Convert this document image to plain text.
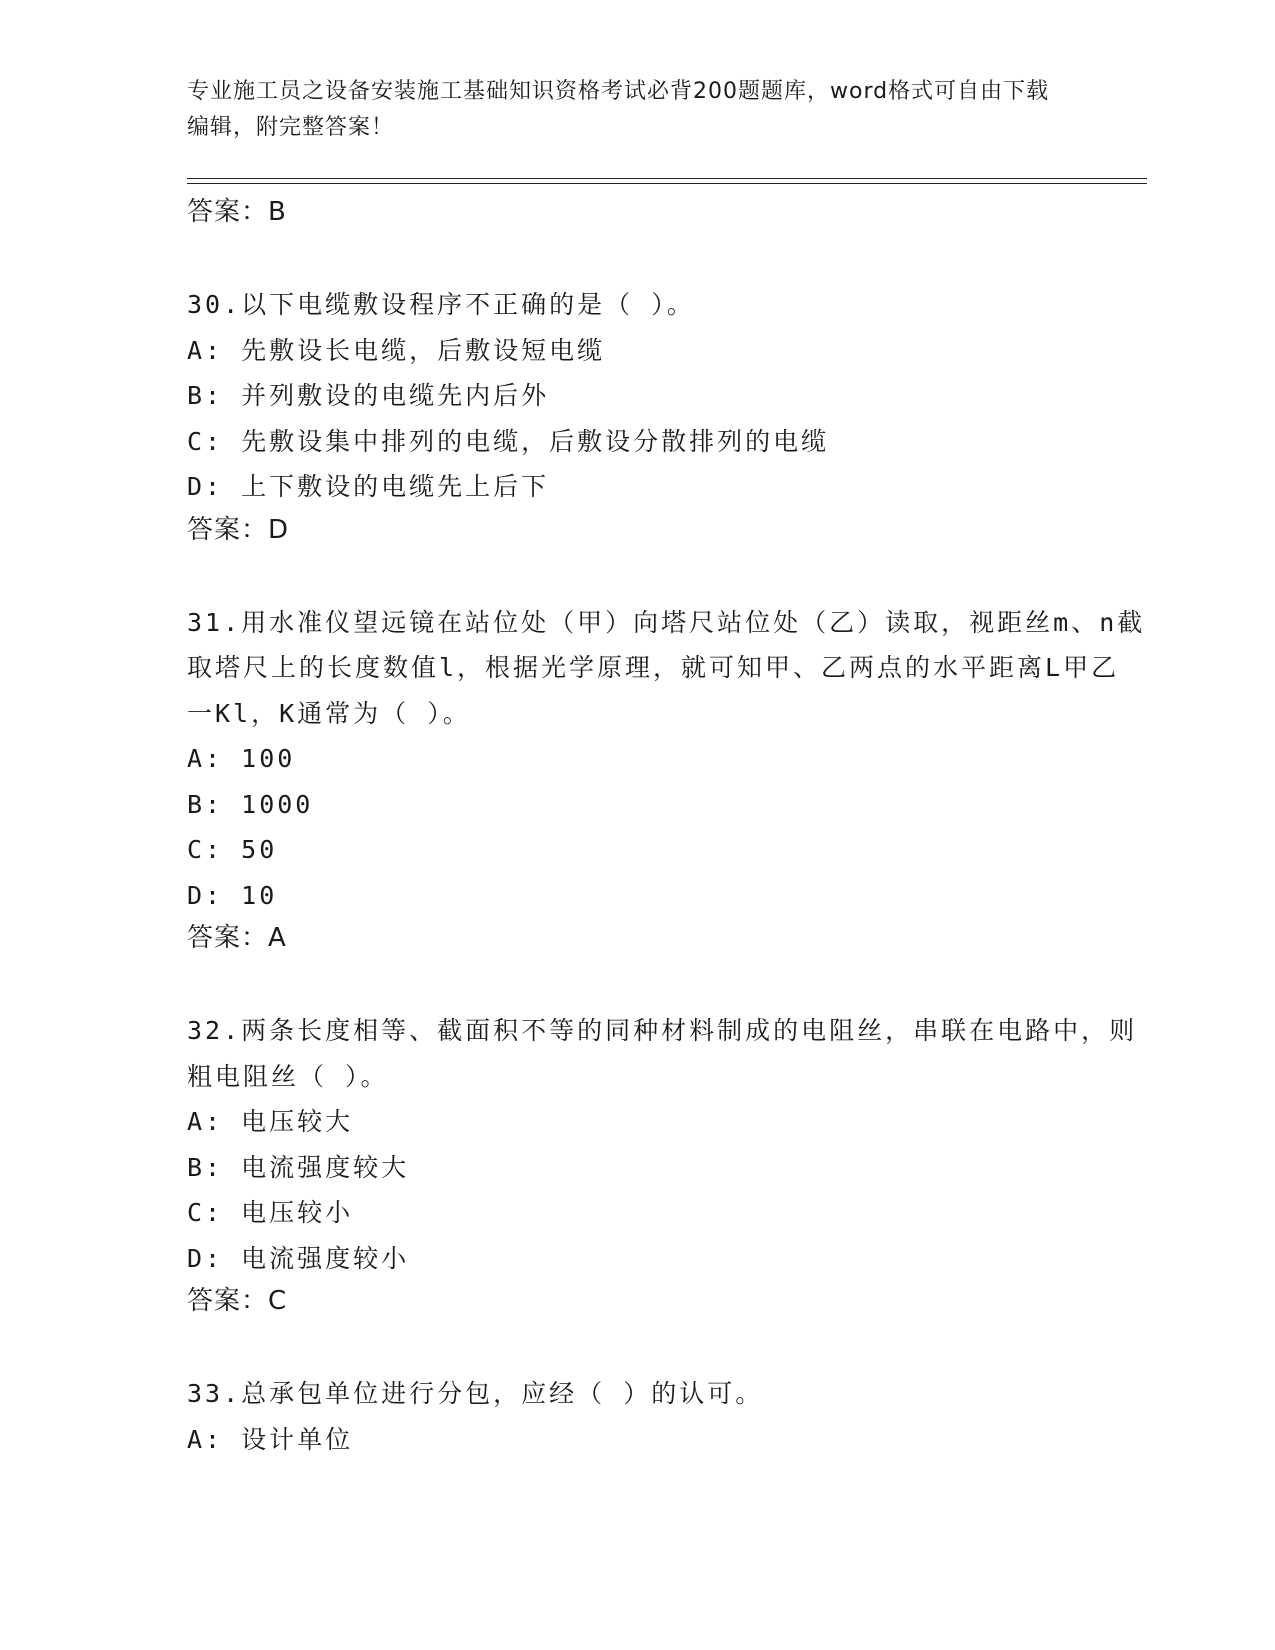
专业施工员之设备安装施工基础知识资格考试必背200题题库，word格式可自由下载编辑，附完整答案！
答案：B
30.以下电缆敷设程序不正确的是（ ）。
A: 先敷设长电缆，后敷设短电缆
B: 并列敷设的电缆先内后外
C: 先敷设集中排列的电缆，后敷设分散排列的电缆
D: 上下敷设的电缆先上后下
答案：D
31.用水准仪望远镜在站位处（甲）向塔尺站位处（乙）读取，视距丝m、n截取塔尺上的长度数值l，根据光学原理，就可知甲、乙两点的水平距离L甲乙一Kl，K通常为（ ）。
A: 100
B: 1000
C: 50
D: 10
答案：A
32.两条长度相等、截面积不等的同种材料制成的电阻丝，串联在电路中，则粗电阻丝（ ）。
A: 电压较大
B: 电流强度较大
C: 电压较小
D: 电流强度较小
答案：C
33.总承包单位进行分包，应经（ ）的认可。
A: 设计单位
